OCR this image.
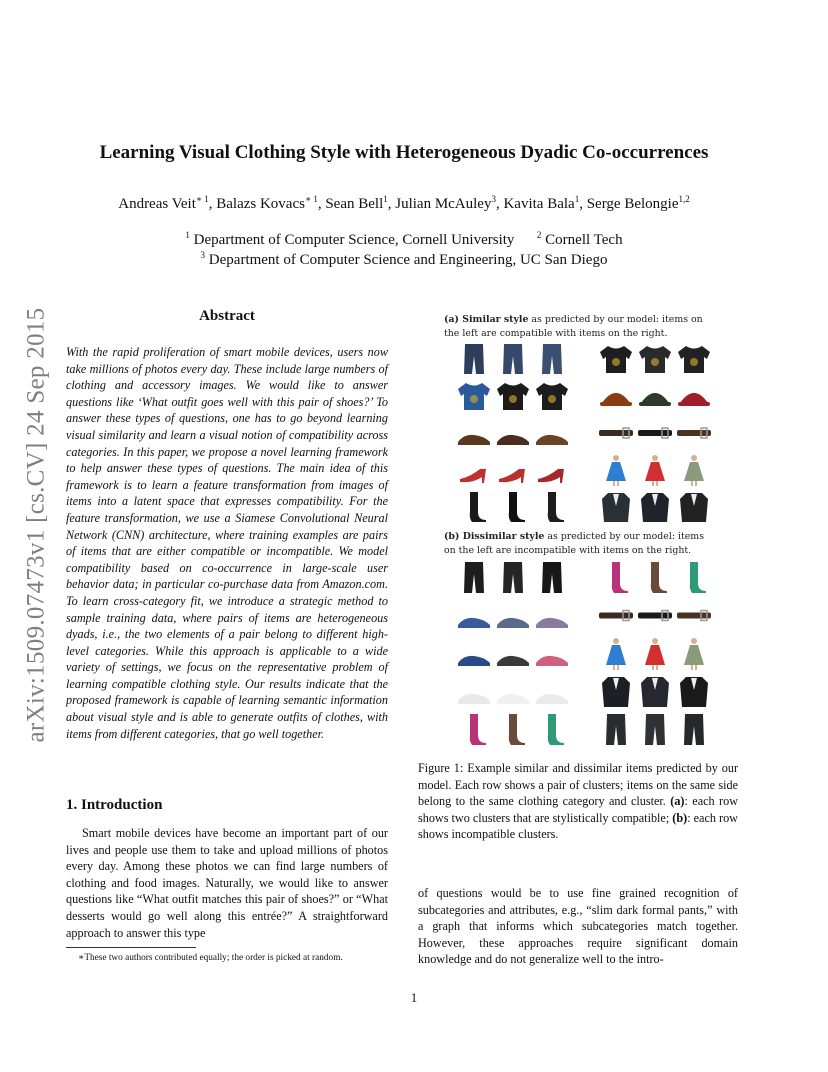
arXiv:1509.07473v1 [cs.CV] 24 Sep 2015
Learning Visual Clothing Style with Heterogeneous Dyadic Co-occurrences
Andreas Veit$^{∗ 1}$, Balazs Kovacs$^{∗ 1}$, Sean Bell$^1$, Julian McAuley$^3$, Kavita Bala$^1$, Serge Belongie$^{1,2}$
$^1$ Department of Computer Science, Cornell University	$^2$ Cornell Tech
$^3$ Department of Computer Science and Engineering, UC San Diego
Abstract
With the rapid proliferation of smart mobile devices, users now take millions of photos every day. These include large numbers of clothing and accessory images. We would like to answer questions like ‘What outfit goes well with this pair of shoes?’ To answer these types of questions, one has to go beyond learning visual similarity and learn a visual notion of compatibility across categories. In this paper, we propose a novel learning framework to help answer these types of questions. The main idea of this framework is to learn a feature transformation from images of items into a latent space that expresses compatibility. For the feature transformation, we use a Siamese Convolutional Neural Network (CNN) architecture, where training examples are pairs of items that are either compatible or incompatible. We model compatibility based on co-occurrence in large-scale user behavior data; in particular co-purchase data from Amazon.com. To learn cross-category fit, we introduce a strategic method to sample training data, where pairs of items are heterogeneous dyads, i.e., the two elements of a pair belong to different high-level categories. While this approach is applicable to a wide variety of settings, we focus on the representative problem of learning compatible clothing style. Our results indicate that the proposed framework is capable of learning semantic information about visual style and is able to generate outfits of clothes, with items from different categories, that go well together.
1. Introduction
Smart mobile devices have become an important part of our lives and people use them to take and upload millions of photos every day. Among these photos we can find large numbers of clothing and food images. Naturally, we would like to answer questions like “What outfit matches this pair of shoes?” or “What desserts would go well along this entrée?” A straightforward approach to answer this type
∗These two authors contributed equally; the order is picked at random.
(a) Similar style as predicted by our model: items on the left are compatible with items on the right.
(b) Dissimilar style as predicted by our model: items on the left are incompatible with items on the right.
Figure 1: Example similar and dissimilar items predicted by our model. Each row shows a pair of clusters; items on the same side belong to the same clothing category and cluster. (a): each row shows two clusters that are stylistically compatible; (b): each row shows incompatible clusters.
of questions would be to use fine grained recognition of subcategories and attributes, e.g., “slim dark formal pants,” with a graph that informs which subcategories match together. However, these approaches require significant domain knowledge and do not generalize well to the intro-
1
